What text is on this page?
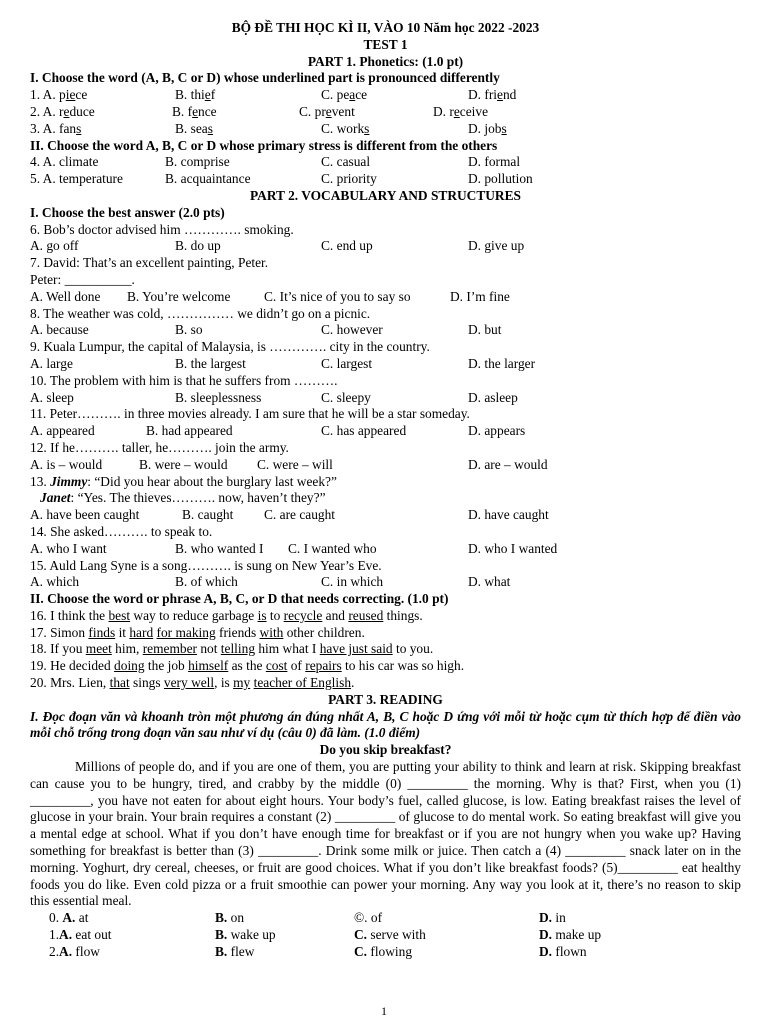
BỘ ĐỀ THI HỌC KÌ II, VÀO 10 Năm học 2022 -2023
TEST 1
PART 1. Phonetics: (1.0 pt)
I. Choose the word (A, B, C or D) whose underlined part is pronounced differently
1. A. piece	B. thief	C. peace	D. friend
2. A. reduce	B. fence	C. prevent	D. receive
3. A. fans	B. seas	C. works	D. jobs
II. Choose the word A, B, C or D whose primary stress is different from the others
4. A. climate	B. comprise	C. casual	D. formal
5. A. temperature	B. acquaintance	C. priority	D. pollution
PART 2. VOCABULARY AND STRUCTURES
I. Choose the best answer (2.0 pts)
6. Bob’s doctor advised him …………. smoking.
A. go off	B. do up	C. end up	D. give up
7. David: That’s an excellent painting, Peter.
Peter: __________.
A. Well done B. You’re welcome	C. It’s nice of you to say so	D. I’m fine
8. The weather was cold, …………… we didn’t go on a picnic.
A. because	B. so	C. however	D. but
9. Kuala Lumpur, the capital of Malaysia, is …………. city in the country.
A. large	B. the largest	C. largest	D. the larger
10. The problem with him is that he suffers from ……….
A. sleep	B. sleeplessness	C. sleepy	D. asleep
11. Peter………. in three movies already. I am sure that he will be a star someday.
A. appeared	B. had appeared	C. has appeared	D. appears
12. If he………. taller, he………. join the army.
A. is – would	B. were – would C. were – will	D. are – would
13. Jimmy: “Did you hear about the burglary last week?”
Janet: “Yes. The thieves………. now, haven’t they?”
A. have been caught	B. caught C. are caught	D. have caught
14. She asked………. to speak to.
A. who I want	B. who wanted I C. I wanted who	D. who I wanted
15. Auld Lang Syne is a song………. is sung on New Year’s Eve.
A. which	B. of which	C. in which	D. what
II. Choose the word or phrase A, B, C, or D that needs correcting. (1.0 pt)
16. I think the best way to reduce garbage is to recycle and reused things.
17. Simon finds it hard for making friends with other children.
18. If you meet him, remember not telling him what I have just said to you.
19. He decided doing the job himself as the cost of repairs to his car was so high.
20. Mrs. Lien, that sings very well, is my teacher of English.
PART 3. READING
I. Đọc đoạn văn và khoanh tròn một phương án đúng nhất A, B, C hoặc D ứng với mỗi từ hoặc cụm từ thích hợp để điền vào mỗi chỗ trống trong đoạn văn sau như ví dụ (câu 0) đã làm. (1.0 điểm)
Do you skip breakfast?

Millions of people do, and if you are one of them, you are putting your ability to think and learn at risk. Skipping breakfast can cause you to be hungry, tired, and crabby by the middle (0) _________ the morning. Why is that? First, when you (1) _________, you have not eaten for about eight hours. Your body’s fuel, called glucose, is low. Eating breakfast raises the level of glucose in your brain. Your brain requires a constant (2) _________ of glucose to do mental work. So eating breakfast will give you a mental edge at school. What if you don’t have enough time for breakfast or if you are not hungry when you wake up? Having something for breakfast is better than (3) _________. Drink some milk or juice. Then catch a (4) _________ snack later on in the morning. Yoghurt, dry cereal, cheeses, or fruit are good choices. What if you don’t like breakfast foods? (5)_________ eat healthy foods you do like. Even cold pizza or a fruit smoothie can power your morning. Any way you look at it, there’s no reason to skip this essential meal.

0. A. at	B. on	©. of	D. in
1.A. eat out	B. wake up	C. serve with	D. make up
2.A. flow	B. flew	C. flowing	D. flown
1
